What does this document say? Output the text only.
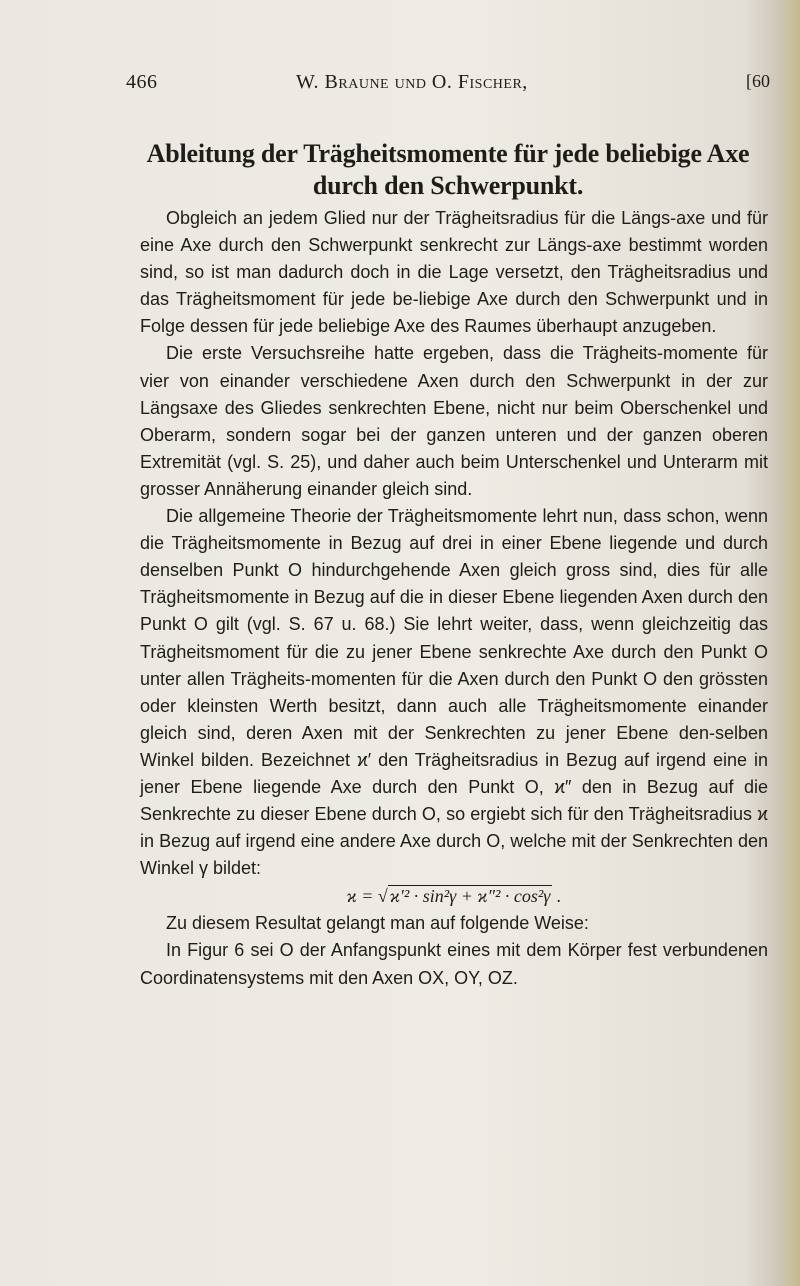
466	W. Braune und O. Fischer,	[60
Ableitung der Trägheitsmomente für jede beliebige Axe
durch den Schwerpunkt.

Obgleich an jedem Glied nur der Trägheitsradius für die Längs-axe und für eine Axe durch den Schwerpunkt senkrecht zur Längs-axe bestimmt worden sind, so ist man dadurch doch in die Lage versetzt, den Trägheitsradius und das Trägheitsmoment für jede be-liebige Axe durch den Schwerpunkt und in Folge dessen für jede beliebige Axe des Raumes überhaupt anzugeben.

Die erste Versuchsreihe hatte ergeben, dass die Trägheits-momente für vier von einander verschiedene Axen durch den Schwerpunkt in der zur Längsaxe des Gliedes senkrechten Ebene, nicht nur beim Oberschenkel und Oberarm, sondern sogar bei der ganzen unteren und der ganzen oberen Extremität (vgl. S. 25), und daher auch beim Unterschenkel und Unterarm mit grosser Annäherung einander gleich sind.

Die allgemeine Theorie der Trägheitsmomente lehrt nun, dass schon, wenn die Trägheitsmomente in Bezug auf drei in einer Ebene liegende und durch denselben Punkt O hindurchgehende Axen gleich gross sind, dies für alle Trägheitsmomente in Bezug auf die in dieser Ebene liegenden Axen durch den Punkt O gilt (vgl. S. 67 u. 68.) Sie lehrt weiter, dass, wenn gleichzeitig das Trägheitsmoment für die zu jener Ebene senkrechte Axe durch den Punkt O unter allen Trägheits-momenten für die Axen durch den Punkt O den grössten oder kleinsten Werth besitzt, dann auch alle Trägheitsmomente einander gleich sind, deren Axen mit der Senkrechten zu jener Ebene den-selben Winkel bilden. Bezeichnet ϰ′ den Trägheitsradius in Bezug auf irgend eine in jener Ebene liegende Axe durch den Punkt O, ϰ″ den in Bezug auf die Senkrechte zu dieser Ebene durch O, so ergiebt sich für den Trägheitsradius ϰ in Bezug auf irgend eine andere Axe durch O, welche mit der Senkrechten den Winkel γ bildet:

ϰ = √ ϰ′² · sin²γ + ϰ″² · cos²γ .

Zu diesem Resultat gelangt man auf folgende Weise:

In Figur 6 sei O der Anfangspunkt eines mit dem Körper fest verbundenen Coordinatensystems mit den Axen OX, OY, OZ.
